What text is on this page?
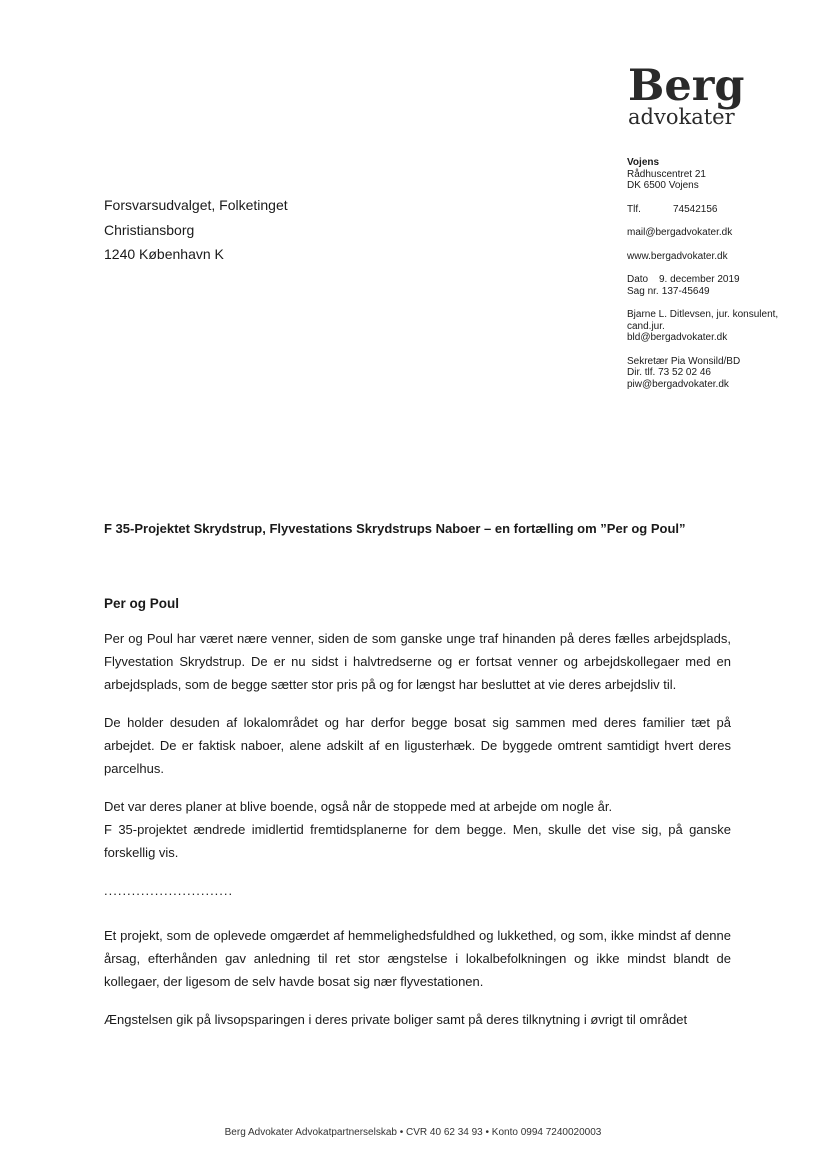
Berg
advokater
Forsvarsudvalget, Folketinget
Christiansborg
1240 København K
Vojens
Rådhuscentret 21
DK 6500 Vojens
Tlf.	74542156
mail@bergadvokater.dk
www.bergadvokater.dk
Dato 9. december 2019
Sag nr. 137-45649
Bjarne L. Ditlevsen, jur. konsulent,
cand.jur.
bld@bergadvokater.dk
Sekretær Pia Wonsild/BD
Dir. tlf. 73 52 02 46
piw@bergadvokater.dk
F 35-Projektet Skrydstrup, Flyvestations Skrydstrups Naboer – en fortælling om ”Per og Poul”
Per og Poul

Per og Poul har været nære venner, siden de som ganske unge traf hinanden på deres fælles arbejdsplads, Flyvestation Skrydstrup. De er nu sidst i halvtredserne og er fortsat venner og arbejdskollegaer med en arbejdsplads, som de begge sætter stor pris på og for længst har besluttet at vie deres arbejdsliv til.

De holder desuden af lokalområdet og har derfor begge bosat sig sammen med deres familier tæt på arbejdet. De er faktisk naboer, alene adskilt af en ligusterhæk. De byggede omtrent samtidigt hvert deres parcelhus.

Det var deres planer at blive boende, også når de stoppede med at arbejde om nogle år.

F 35-projektet ændrede imidlertid fremtidsplanerne for dem begge. Men, skulle det vise sig, på ganske forskellig vis.

............................

Et projekt, som de oplevede omgærdet af hemmelighedsfuldhed og lukkethed, og som, ikke mindst af denne årsag, efterhånden gav anledning til ret stor ængstelse i lokalbefolkningen og ikke mindst blandt de kollegaer, der ligesom de selv havde bosat sig nær flyvestationen.

Ængstelsen gik på livsopsparingen i deres private boliger samt på deres tilknytning i øvrigt til området

Berg Advokater Advokatpartnerselskab • CVR 40 62 34 93 • Konto 0994 7240020003
